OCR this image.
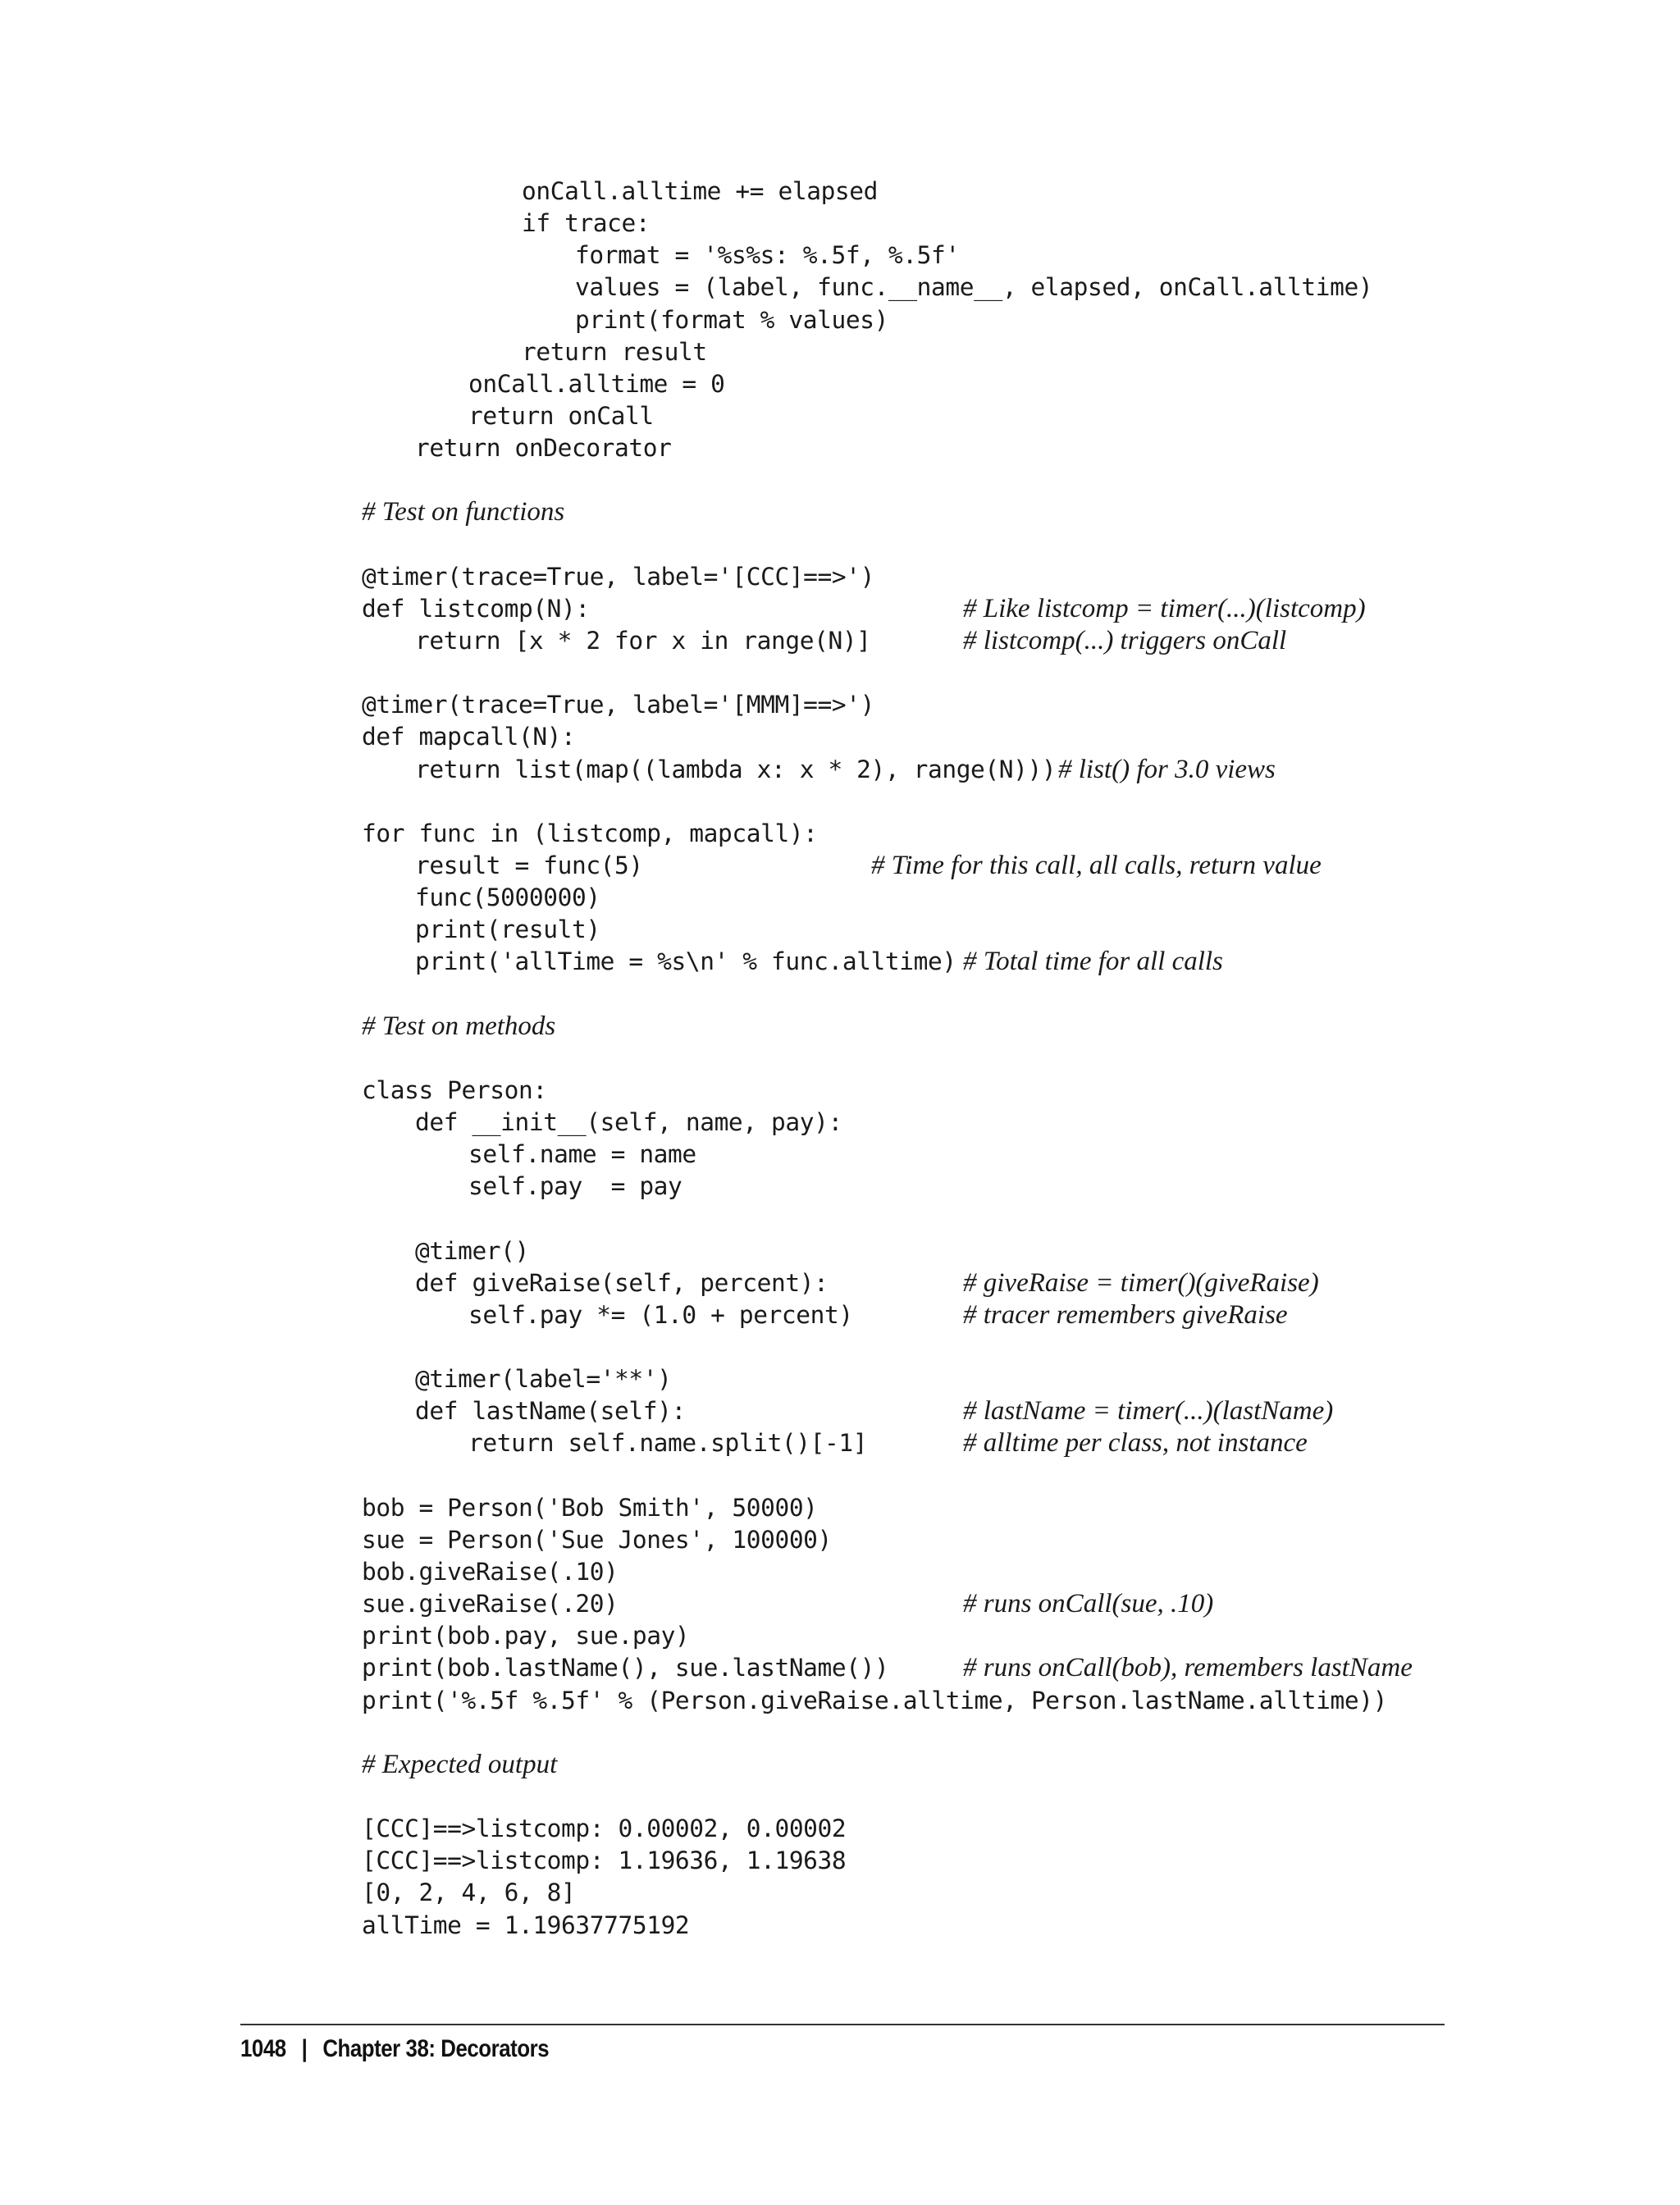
onCall.alltime += elapsed
if trace:
format = '%s%s: %.5f, %.5f'
values = (label, func.__name__, elapsed, onCall.alltime)
print(format % values)
return result
onCall.alltime = 0
return onCall
return onDecorator
# Test on functions
@timer(trace=True, label='[CCC]==>')
def listcomp(N):	# Like listcomp = timer(...)(listcomp)
return [x * 2 for x in range(N)]	# listcomp(...) triggers onCall
@timer(trace=True, label='[MMM]==>')
def mapcall(N):
return list(map((lambda x: x * 2), range(N))) # list() for 3.0 views
for func in (listcomp, mapcall):
result = func(5)	# Time for this call, all calls, return value
func(5000000)
print(result)
print('allTime = %s\n' % func.alltime) # Total time for all calls
# Test on methods
class Person:
def __init__(self, name, pay):
self.name = name
self.pay  = pay
@timer()
def giveRaise(self, percent):	# giveRaise = timer()(giveRaise)
self.pay *= (1.0 + percent)	# tracer remembers giveRaise
@timer(label='**')
def lastName(self):	# lastName = timer(...)(lastName)
return self.name.split()[-1]	# alltime per class, not instance
bob = Person('Bob Smith', 50000)
sue = Person('Sue Jones', 100000)
bob.giveRaise(.10)
sue.giveRaise(.20)	# runs onCall(sue, .10)
print(bob.pay, sue.pay)
print(bob.lastName(), sue.lastName())	# runs onCall(bob), remembers lastName
print('%.5f %.5f' % (Person.giveRaise.alltime, Person.lastName.alltime))
# Expected output
[CCC]==>listcomp: 0.00002, 0.00002
[CCC]==>listcomp: 1.19636, 1.19638
[0, 2, 4, 6, 8]
allTime = 1.19637775192
1048 | Chapter 38: Decorators
